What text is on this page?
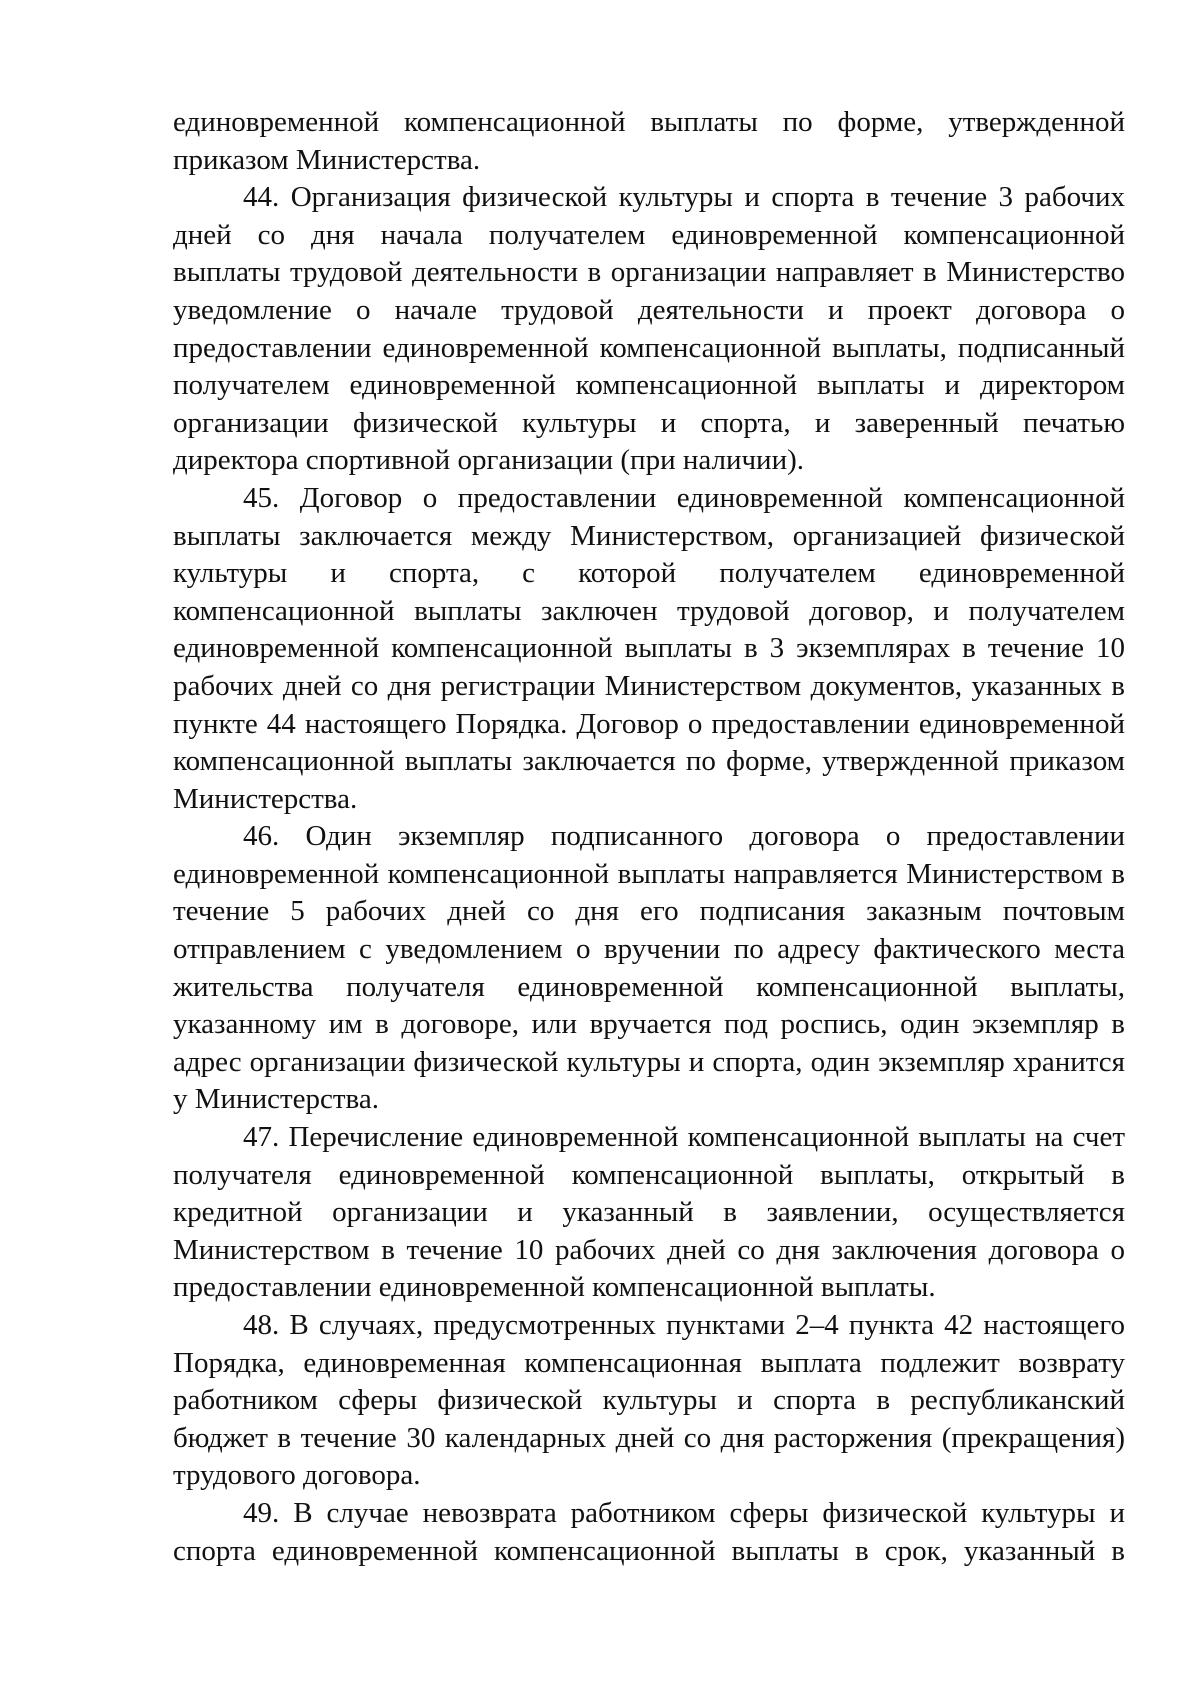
единовременной компенсационной выплаты по форме, утвержденной приказом Министерства.

44. Организация физической культуры и спорта в течение 3 рабочих дней со дня начала получателем единовременной компенсационной выплаты трудовой деятельности в организации направляет в Министерство уведомление о начале трудовой деятельности и проект договора о предоставлении единовременной компенсационной выплаты, подписанный получателем единовременной компенсационной выплаты и директором организации физической культуры и спорта, и заверенный печатью директора спортивной организации (при наличии).

45. Договор о предоставлении единовременной компенсационной выплаты заключается между Министерством, организацией физической культуры и спорта, с которой получателем единовременной компенсационной выплаты заключен трудовой договор, и получателем единовременной компенсационной выплаты в 3 экземплярах в течение 10 рабочих дней со дня регистрации Министерством документов, указанных в пункте 44 настоящего Порядка. Договор о предоставлении единовременной компенсационной выплаты заключается по форме, утвержденной приказом Министерства.

46. Один экземпляр подписанного договора о предоставлении единовременной компенсационной выплаты направляется Министерством в течение 5 рабочих дней со дня его подписания заказным почтовым отправлением с уведомлением о вручении по адресу фактического места жительства получателя единовременной компенсационной выплаты, указанному им в договоре, или вручается под роспись, один экземпляр в адрес организации физической культуры и спорта, один экземпляр хранится у Министерства.

47. Перечисление единовременной компенсационной выплаты на счет получателя единовременной компенсационной выплаты, открытый в кредитной организации и указанный в заявлении, осуществляется Министерством в течение 10 рабочих дней со дня заключения договора о предоставлении единовременной компенсационной выплаты.

48. В случаях, предусмотренных пунктами 2–4 пункта 42 настоящего Порядка, единовременная компенсационная выплата подлежит возврату работником сферы физической культуры и спорта в республиканский бюджет в течение 30 календарных дней со дня расторжения (прекращения) трудового договора.

49. В случае невозврата работником сферы физической культуры и спорта единовременной компенсационной выплаты в срок, указанный в
